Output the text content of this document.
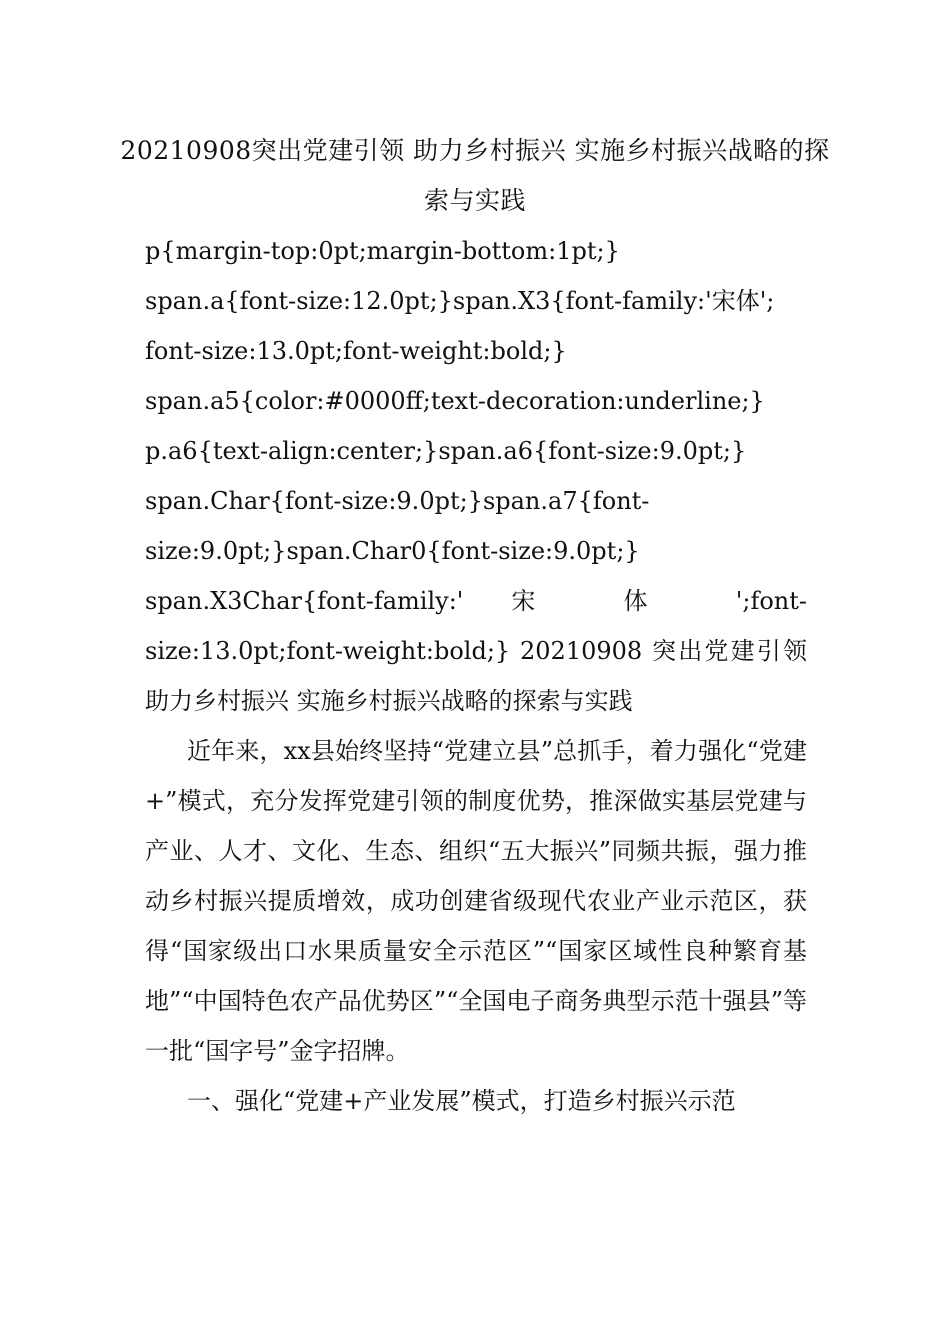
20210908突出党建引领 助力乡村振兴 实施乡村振兴战略的探索与实践

p{margin-top:0pt;margin-bottom:1pt;}

span.a{font-size:12.0pt;}span.X3{font-family:'宋体';

font-size:13.0pt;font-weight:bold;}

span.a5{color:#0000ff;text-decoration:underline;}

p.a6{text-align:center;}span.a6{font-size:9.0pt;}

span.Char{font-size:9.0pt;}span.a7{font-

size:9.0pt;}span.Char0{font-size:9.0pt;}

span.X3Char{font-family:' 宋 体 ';font-

size:13.0pt;font-weight:bold;} 20210908 突出党建引领 助力乡村振兴 实施乡村振兴战略的探索与实践

近年来，xx县始终坚持“党建立县”总抓手，着力强化“党建+”模式，充分发挥党建引领的制度优势，推深做实基层党建与产业、人才、文化、生态、组织“五大振兴”同频共振，强力推动乡村振兴提质增效，成功创建省级现代农业产业示范区，获得“国家级出口水果质量安全示范区”“国家区域性良种繁育基地”“中国特色农产品优势区”“全国电子商务典型示范十强县”等一批“国字号”金字招牌。

一、强化“党建+产业发展”模式，打造乡村振兴示范
